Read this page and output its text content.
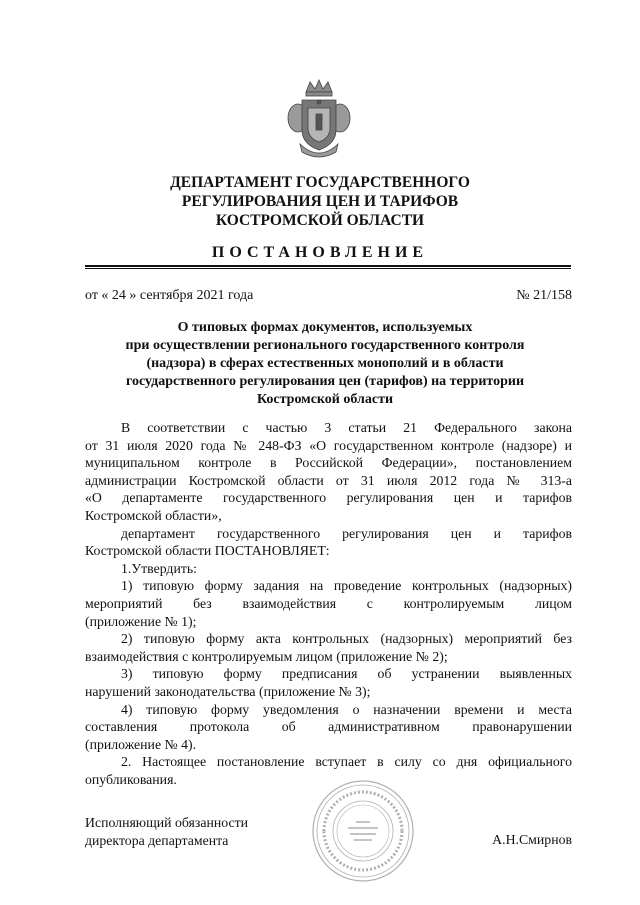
ДЕПАРТАМЕНТ ГОСУДАРСТВЕННОГО
РЕГУЛИРОВАНИЯ ЦЕН И ТАРИФОВ
КОСТРОМСКОЙ ОБЛАСТИ
ПОСТАНОВЛЕНИЕ
от « 24 » сентября 2021 года	№ 21/158
О типовых формах документов, используемых
при осуществлении регионального государственного контроля
(надзора) в сферах естественных монополий и в области
государственного регулирования цен (тарифов) на территории
Костромской области
В соответствии с частью 3 статьи 21 Федерального закона
от 31 июля 2020 года № 248-ФЗ «О государственном контроле (надзоре) и
муниципальном контроле в Российской Федерации», постановлением
администрации Костромской области от 31 июля 2012 года № 313-а
«О департаменте государственного регулирования цен и тарифов
Костромской области»,
департамент государственного регулирования цен и тарифов
Костромской области ПОСТАНОВЛЯЕТ:
1.Утвердить:
1) типовую форму задания на проведение контрольных (надзорных)
мероприятий без взаимодействия с контролируемым лицом
(приложение № 1);
2) типовую форму акта контрольных (надзорных) мероприятий без
взаимодействия с контролируемым лицом (приложение № 2);
3) типовую форму предписания об устранении выявленных
нарушений законодательства (приложение № 3);
4) типовую форму уведомления о назначении времени и места
составления протокола об административном правонарушении
(приложение № 4).
2. Настоящее постановление вступает в силу со дня официального
опубликования.
Исполняющий обязанности
директора департамента	А.Н.Смирнов
